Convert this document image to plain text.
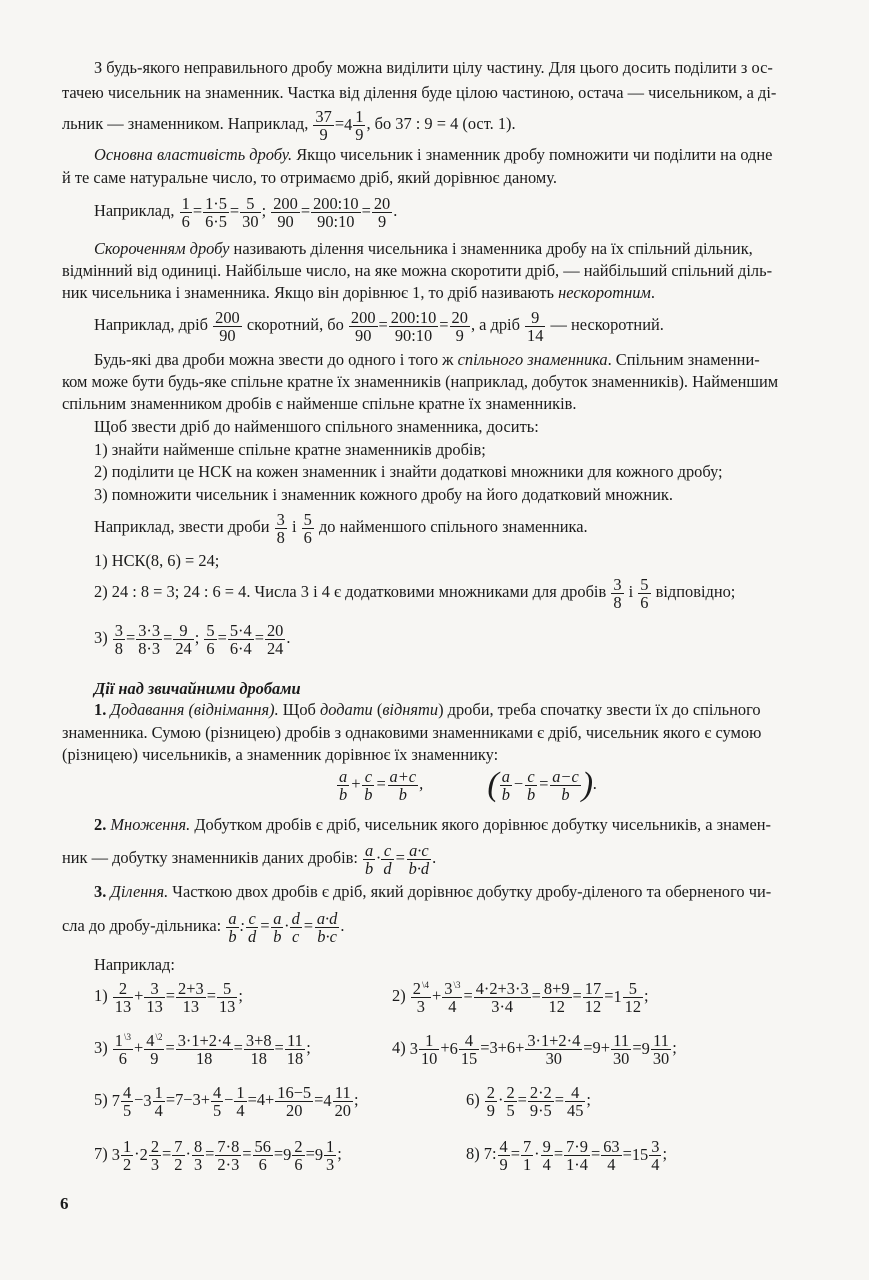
З будь-якого неправильного дробу можна виділити цілу частину. Для цього досить поділити з ос-
тачею чисельник на знаменник. Частка від ділення буде цілою частиною, остача — чисельником, а ді-
льник — знаменником. Наприклад, $\frac{37}{9} =4$ 1
9
, бо 37 : 9 = 4 (ост. 1).
Основна властивість дробу. Якщо чисельник і знаменник дробу помножити чи поділити на одне
й те саме натуральне число, то отримаємо дріб, який дорівнює даному.
Наприклад, $\frac{1}{6} = \frac{1\cdot 5}{6\cdot 5} = \frac{5}{30}$ ; $\frac{200}{90} = \frac{200:10}{90:10} = \frac{20}{9}$ .
Скороченням дробу називають ділення чисельника і знаменника дробу на їх спільний дільник,
відмінний від одиниці. Найбільше число, на яке можна скоротити дріб, — найбільший спільний діль-
ник чисельника і знаменника. Якщо він дорівнює 1, то дріб називають нескоротним.
Наприклад, дріб $\frac{200}{90}$ скоротний, бо $\frac{200}{90} = \frac{200:10}{90:10} = \frac{20}{9}$ , а дріб $\frac{9}{14}$ — нескоротний.
Будь-які два дроби можна звести до одного і того ж спільного знаменника. Спільним знаменни-
ком може бути будь-яке спільне кратне їх знаменників (наприклад, добуток знаменників). Найменшим
спільним знаменником дробів є найменше спільне кратне їх знаменників.
Щоб звести дріб до найменшого спільного знаменника, досить:
1) знайти найменше спільне кратне знаменників дробів;
2) поділити це НСК на кожен знаменник і знайти додаткові множники для кожного дробу;
3) помножити чисельник і знаменник кожного дробу на його додатковий множник.
Наприклад, звести дроби $\frac{3}{8}$ і $\frac{5}{6}$ до найменшого спільного знаменника.
1) НСК(8, 6) = 24;
2) 24 : 8 = 3; 24 : 6 = 4. Числа 3 і 4 є додатковими множниками для дробів $\frac{3}{8}$ і $\frac{5}{6}$ відповідно;
$3) \frac{3}{8} = \frac{3\cdot 3}{8\cdot 3} = \frac{9}{24}$ ; $\frac{5}{6} = \frac{5\cdot 4}{6\cdot 4} = \frac{20}{24}$ .
Дії над звичайними дробами
1. Додавання (віднімання). Щоб додати (відняти) дроби, треба спочатку звести їх до спільного
знаменника. Сумою (різницею) дробів з однаковими знаменниками є дріб, чисельник якого є сумою
(різницею) чисельників, а знаменник дорівнює їх знаменнику:
$\frac{a}{b} + \frac{c}{b} = \frac{a+c}{b}$ ,  ( $\frac{a}{b} - \frac{c}{b} = \frac{a-c}{b}$ ).
2. Множення. Добутком дробів є дріб, чисельник якого дорівнює добутку чисельників, а знамен-
ник — добутку знаменників даних дробів: $\frac{a}{b} \cdot \frac{c}{d} = \frac{a\cdot c}{b\cdot d}$ .
3. Ділення. Часткою двох дробів є дріб, який дорівнює добутку дробу-діленого та оберненого чи-
сла до дробу-дільника: $\frac{a}{b}$ : $\frac{c}{d} = \frac{a}{b} \cdot \frac{d}{c} = \frac{a\cdot d}{b\cdot c}$ .
Наприклад:
$1) \frac{2}{13} + \frac{3}{13} = \frac{2+3}{13} = \frac{5}{13}$ ;	$2) \frac{2^{\backslash 4}}{3} + \frac{3^{\backslash 3}}{4} = \frac{4\cdot 2+3\cdot 3}{3\cdot 4} = \frac{8+9}{12} = \frac{17}{12} =1$ 5
12
;
$3) \frac{1^{\backslash 3}}{6} + \frac{4^{\backslash 2}}{9} = \frac{3\cdot 1+2\cdot 4}{18} = \frac{3+8}{18} = \frac{11}{18}$ ;	4) 3 1
10
+6 4
15
$=3+6+ \frac{3\cdot 1+2\cdot 4}{30} =9+ \frac{11}{30} =9$ 11
30
;
5) 7 4
5
−3 1
4
$=7-3+ \frac{4}{5} - \frac{1}{4} =4+ \frac{16-5}{20} =4$ 11
20
;	$6) \frac{2}{9} \cdot \frac{2}{5} = \frac{2\cdot 2}{9\cdot 5} = \frac{4}{45}$ ;
7) 3 1
2
·2 2
3
= $\frac{7}{2} \cdot \frac{8}{3} = \frac{7\cdot 8}{2\cdot 3} = \frac{56}{6} =9$ 2
6
=9 1
3
;	8) 7: $\frac{4}{9} = \frac{7}{1} \cdot \frac{9}{4} = \frac{7\cdot 9}{1\cdot 4} = \frac{63}{4} =15$ 3
4
;
6
